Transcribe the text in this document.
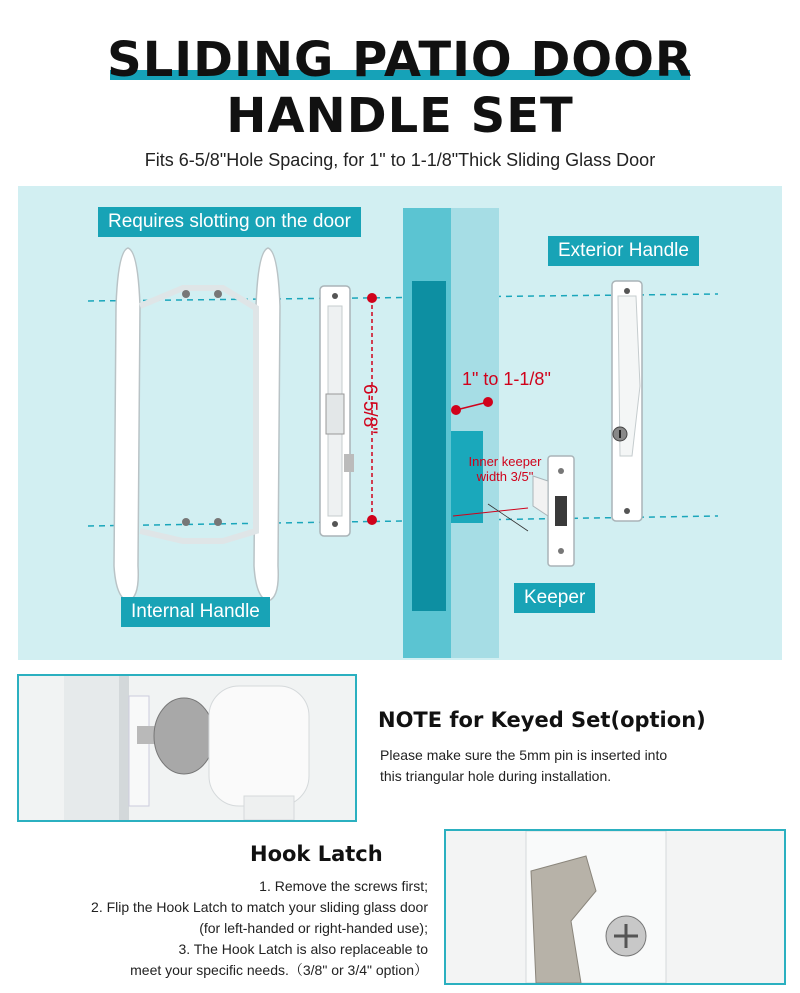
SLIDING PATIO DOOR
HANDLE SET
Fits 6-5/8"Hole Spacing, for 1" to 1-1/8"Thick Sliding Glass Door
Requires slotting on the door
Exterior Handle
Internal Handle
Keeper
6-5/8"
1" to 1-1/8"
Inner keeper
width 3/5"
NOTE for Keyed Set(option)
Please make sure the 5mm pin is inserted into
this triangular hole during installation.
Hook Latch
1. Remove the screws first;
2. Flip the Hook Latch to match your sliding glass door
(for left-handed or right-handed use);
3. The Hook Latch is also replaceable to
meet your specific needs.（3/8" or 3/4" option）
